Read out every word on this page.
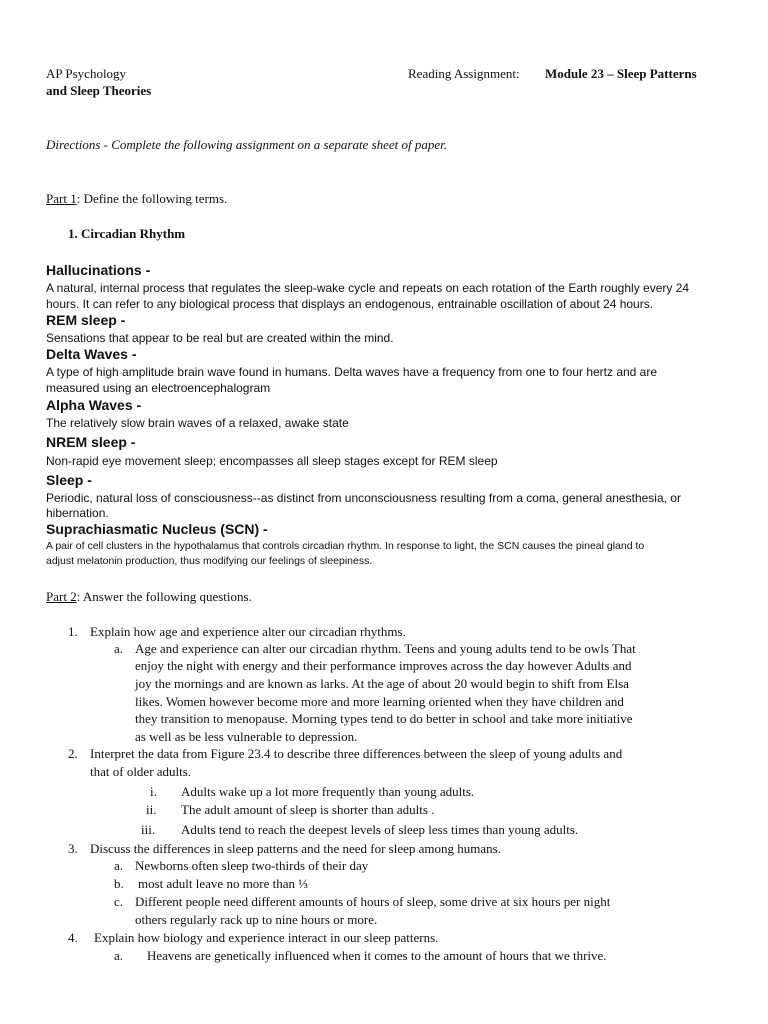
AP Psychology	Reading Assignment: Module 23 – Sleep Patterns
and Sleep Theories
Directions - Complete the following assignment on a separate sheet of paper.
Part 1: Define the following terms.
1. Circadian Rhythm
Hallucinations -
A natural, internal process that regulates the sleep-wake cycle and repeats on each rotation of the Earth roughly every 24
hours. It can refer to any biological process that displays an endogenous, entrainable oscillation of about 24 hours.
REM sleep -
Sensations that appear to be real but are created within the mind.
Delta Waves -
A type of high amplitude brain wave found in humans. Delta waves have a frequency from one to four hertz and are
measured using an electroencephalogram
Alpha Waves -
The relatively slow brain waves of a relaxed, awake state
NREM sleep -
Non-rapid eye movement sleep; encompasses all sleep stages except for REM sleep
Sleep -
Periodic, natural loss of consciousness--as distinct from unconsciousness resulting from a coma, general anesthesia, or
hibernation.
Suprachiasmatic Nucleus (SCN) -
A pair of cell clusters in the hypothalamus that controls circadian rhythm. In response to light, the SCN causes the pineal gland to
adjust melatonin production, thus modifying our feelings of sleepiness.
Part 2: Answer the following questions.
1. Explain how age and experience alter our circadian rhythms.
a. Age and experience can alter our circadian rhythm. Teens and young adults tend to be owls That
enjoy the night with energy and their performance improves across the day however Adults and
joy the mornings and are known as larks. At the age of about 20 would begin to shift from Elsa
likes. Women however become more and more learning oriented when they have children and
they transition to menopause. Morning types tend to do better in school and take more initiative
as well as be less vulnerable to depression.
2. Interpret the data from Figure 23.4 to describe three differences between the sleep of young adults and
that of older adults.
i. Adults wake up a lot more frequently than young adults.
ii. The adult amount of sleep is shorter than adults .
iii. Adults tend to reach the deepest levels of sleep less times than young adults.
3. Discuss the differences in sleep patterns and the need for sleep among humans.
a. Newborns often sleep two-thirds of their day
b. most adult leave no more than ⅓
c. Different people need different amounts of hours of sleep, some drive at six hours per night
others regularly rack up to nine hours or more.
4. Explain how biology and experience interact in our sleep patterns.
a. Heavens are genetically influenced when it comes to the amount of hours that we thrive.
